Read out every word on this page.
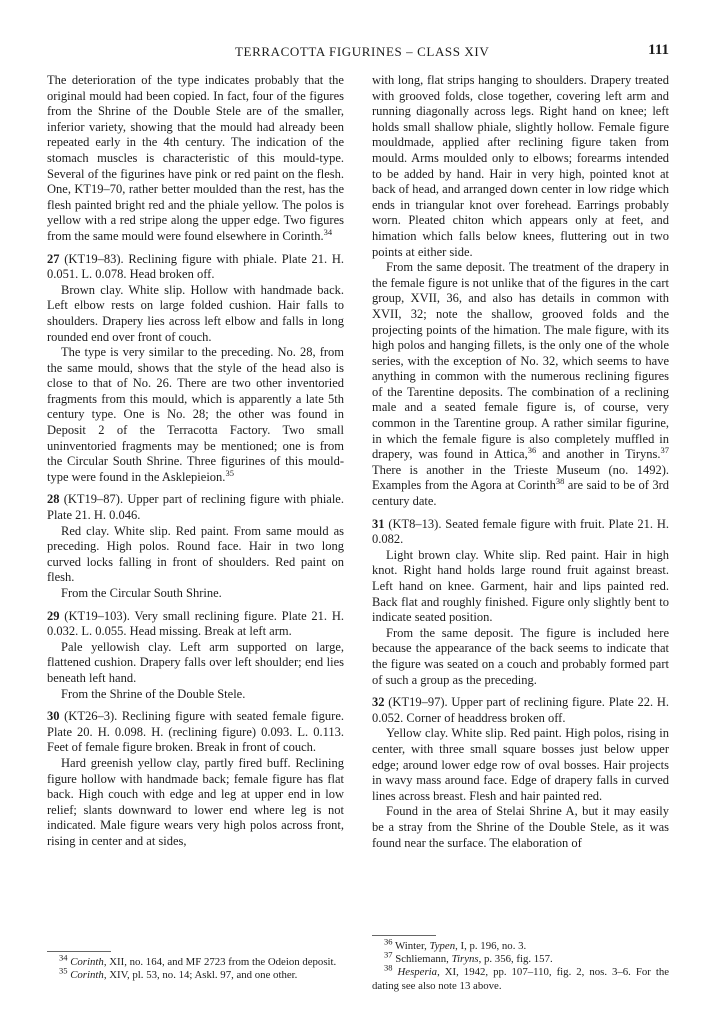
TERRACOTTA FIGURINES – CLASS XIV	111

The deterioration of the type indicates probably that the original mould had been copied. In fact, four of the figures from the Shrine of the Double Stele are of the smaller, inferior variety, showing that the mould had already been repeated early in the 4th century. The indication of the stomach muscles is characteristic of this mould-type. Several of the figurines have pink or red paint on the flesh. One, KT19–70, rather better moulded than the rest, has the flesh painted bright red and the phiale yellow. The polos is yellow with a red stripe along the upper edge. Two figures from the same mould were found elsewhere in Corinth.$^{34}$

27 (KT19–83). Reclining figure with phiale. Plate 21. H. 0.051. L. 0.078. Head broken off.

Brown clay. White slip. Hollow with handmade back. Left elbow rests on large folded cushion. Hair falls to shoulders. Drapery lies across left elbow and falls in long rounded end over front of couch.

The type is very similar to the preceding. No. 28, from the same mould, shows that the style of the head also is close to that of No. 26. There are two other inventoried fragments from this mould, which is apparently a late 5th century type. One is No. 28; the other was found in Deposit 2 of the Terracotta Factory. Two small uninventoried fragments may be mentioned; one is from the Circular South Shrine. Three figurines of this mould-type were found in the Asklepieion.$^{35}$

28 (KT19–87). Upper part of reclining figure with phiale. Plate 21. H. 0.046.

Red clay. White slip. Red paint. From same mould as preceding. High polos. Round face. Hair in two long curved locks falling in front of shoulders. Red paint on flesh.

From the Circular South Shrine.

29 (KT19–103). Very small reclining figure. Plate 21. H. 0.032. L. 0.055. Head missing. Break at left arm.

Pale yellowish clay. Left arm supported on large, flattened cushion. Drapery falls over left shoulder; end lies beneath left hand.

From the Shrine of the Double Stele.

30 (KT26–3). Reclining figure with seated female figure. Plate 20. H. 0.098. H. (reclining figure) 0.093. L. 0.113. Feet of female figure broken. Break in front of couch.

Hard greenish yellow clay, partly fired buff. Reclining figure hollow with handmade back; female figure has flat back. High couch with edge and leg at upper end in low relief; slants downward to lower end where leg is not indicated. Male figure wears very high polos across front, rising in center and at sides,

$^{34}$ Corinth, XII, no. 164, and MF 2723 from the Odeion deposit.

$^{35}$ Corinth, XIV, pl. 53, no. 14; Askl. 97, and one other.

with long, flat strips hanging to shoulders. Drapery treated with grooved folds, close together, covering left arm and running diagonally across legs. Right hand on knee; left holds small shallow phiale, slightly hollow. Female figure mouldmade, applied after reclining figure taken from mould. Arms moulded only to elbows; forearms intended to be added by hand. Hair in very high, pointed knot at back of head, and arranged down center in low ridge which ends in triangular knot over forehead. Earrings probably worn. Pleated chiton which appears only at feet, and himation which falls below knees, fluttering out in two points at either side.

From the same deposit. The treatment of the drapery in the female figure is not unlike that of the figures in the cart group, XVII, 36, and also has details in common with XVII, 32; note the shallow, grooved folds and the projecting points of the himation. The male figure, with its high polos and hanging fillets, is the only one of the whole series, with the exception of No. 32, which seems to have anything in common with the numerous reclining figures of the Tarentine deposits. The combination of a reclining male and a seated female figure is, of course, very common in the Tarentine group. A rather similar figurine, in which the female figure is also completely muffled in drapery, was found in Attica,$^{36}$ and another in Tiryns.$^{37}$ There is another in the Trieste Museum (no. 1492). Examples from the Agora at Corinth$^{38}$ are said to be of 3rd century date.

31 (KT8–13). Seated female figure with fruit. Plate 21. H. 0.082.

Light brown clay. White slip. Red paint. Hair in high knot. Right hand holds large round fruit against breast. Left hand on knee. Garment, hair and lips painted red. Back flat and roughly finished. Figure only slightly bent to indicate seated position.

From the same deposit. The figure is included here because the appearance of the back seems to indicate that the figure was seated on a couch and probably formed part of such a group as the preceding.

32 (KT19–97). Upper part of reclining figure. Plate 22. H. 0.052. Corner of headdress broken off.

Yellow clay. White slip. Red paint. High polos, rising in center, with three small square bosses just below upper edge; around lower edge row of oval bosses. Hair projects in wavy mass around face. Edge of drapery falls in curved lines across breast. Flesh and hair painted red.

Found in the area of Stelai Shrine A, but it may easily be a stray from the Shrine of the Double Stele, as it was found near the surface. The elaboration of

$^{36}$ Winter, Typen, I, p. 196, no. 3.

$^{37}$ Schliemann, Tiryns, p. 356, fig. 157.

$^{38}$ Hesperia, XI, 1942, pp. 107–110, fig. 2, nos. 3–6. For the dating see also note 13 above.
